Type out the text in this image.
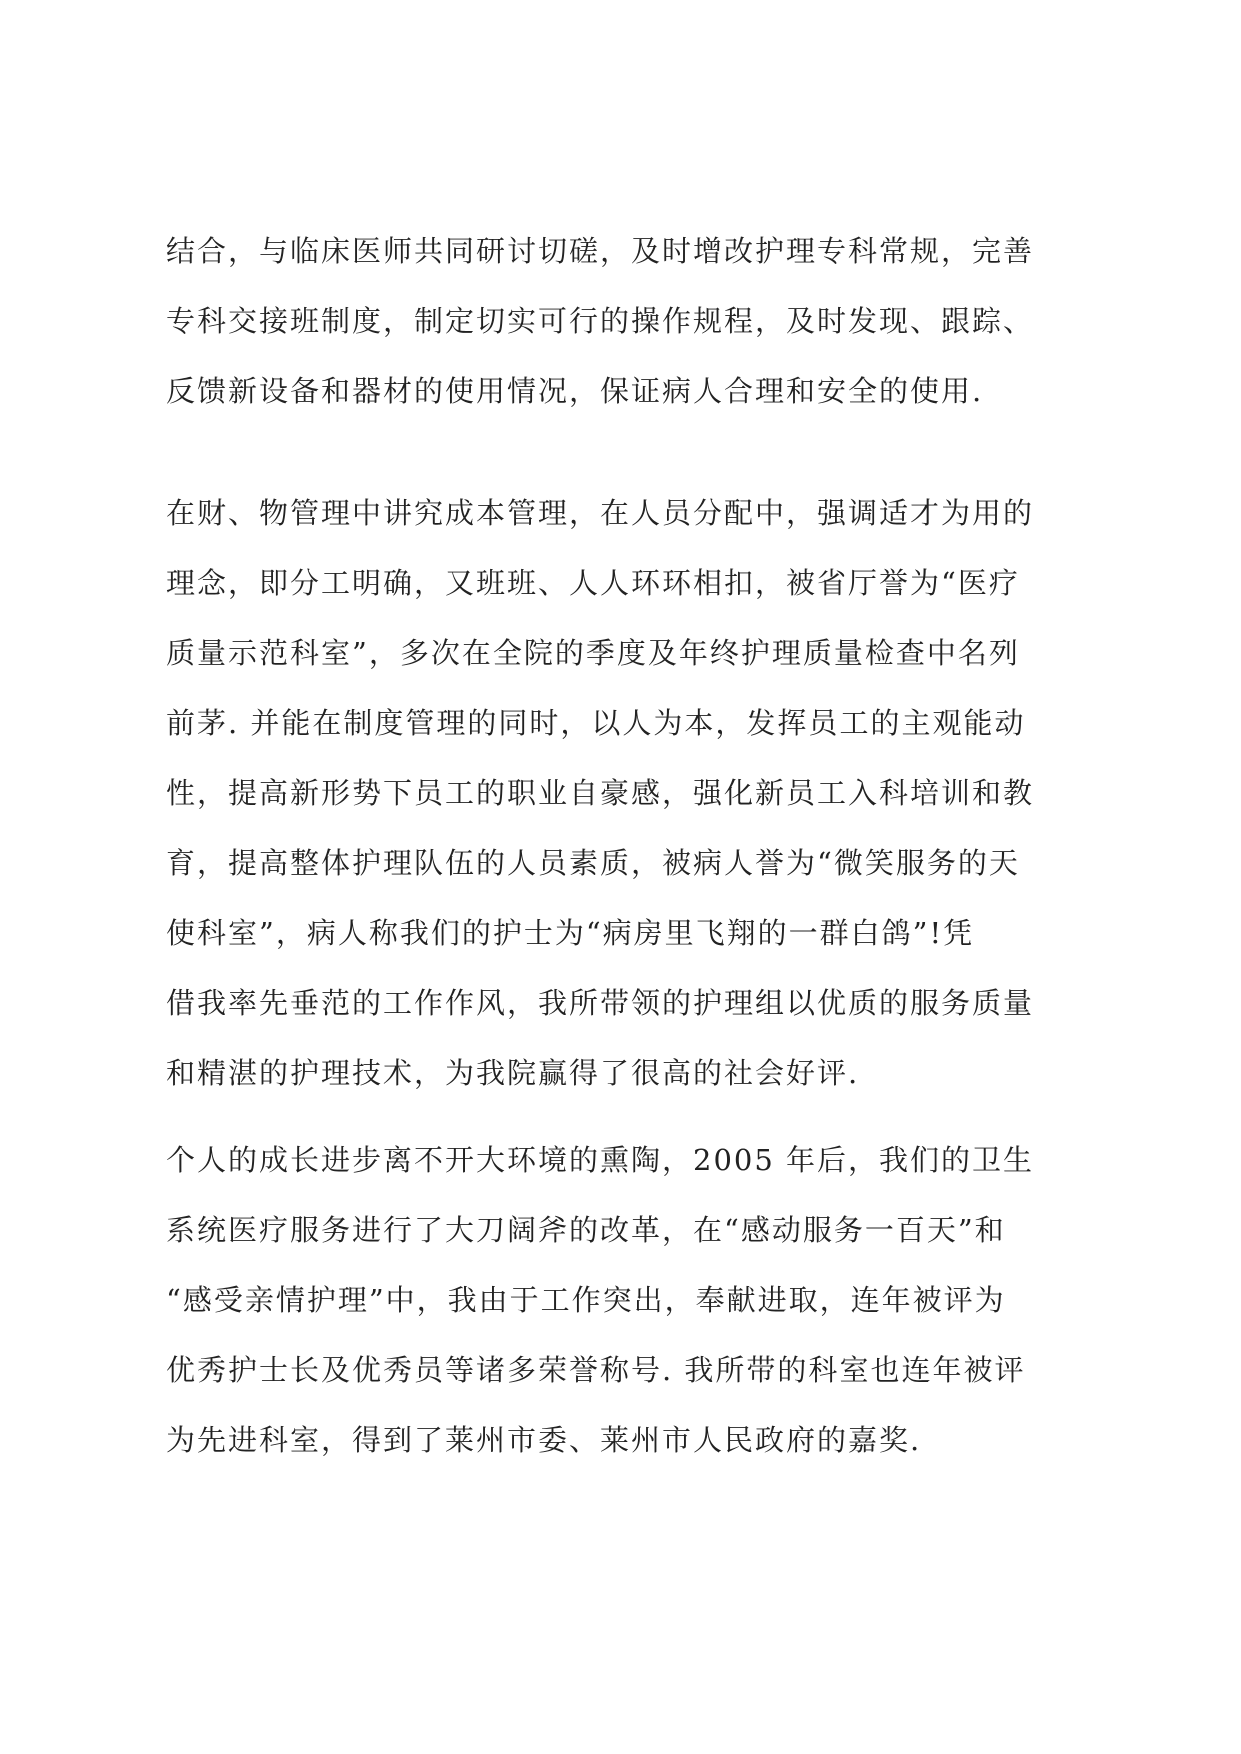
结合，与临床医师共同研讨切磋，及时增改护理专科常规，完善
专科交接班制度，制定切实可行的操作规程，及时发现、跟踪、
反馈新设备和器材的使用情况，保证病人合理和安全的使用.
在财、物管理中讲究成本管理，在人员分配中，强调适才为用的
理念，即分工明确，又班班、人人环环相扣，被省厅誉为“医疗
质量示范科室”，多次在全院的季度及年终护理质量检查中名列
前茅. 并能在制度管理的同时，以人为本，发挥员工的主观能动
性，提高新形势下员工的职业自豪感，强化新员工入科培训和教
育，提高整体护理队伍的人员素质，被病人誉为“微笑服务的天
使科室”，病人称我们的护士为“病房里飞翔的一群白鸽”!凭
借我率先垂范的工作作风，我所带领的护理组以优质的服务质量
和精湛的护理技术，为我院赢得了很高的社会好评.
个人的成长进步离不开大环境的熏陶，2005 年后，我们的卫生
系统医疗服务进行了大刀阔斧的改革，在“感动服务一百天”和
“感受亲情护理”中，我由于工作突出，奉献进取，连年被评为
优秀护士长及优秀员等诸多荣誉称号. 我所带的科室也连年被评
为先进科室，得到了莱州市委、莱州市人民政府的嘉奖.
